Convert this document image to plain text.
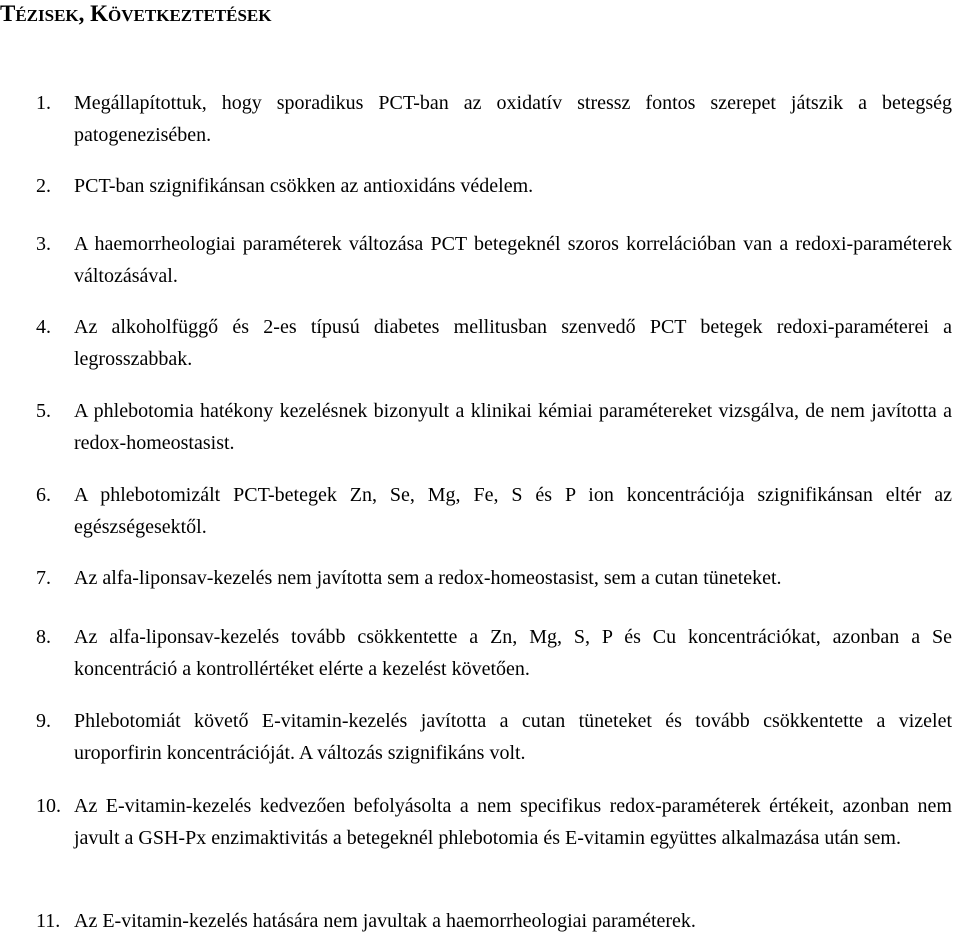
TÉZISEK, KÖVETKEZTETÉSEK
1. Megállapítottuk, hogy sporadikus PCT-ban az oxidatív stressz fontos szerepet játszik a betegség patogenezisében.
2. PCT-ban szignifikánsan csökken az antioxidáns védelem.
3. A haemorrheologiai paraméterek változása PCT betegeknél szoros korrelációban van a redoxi-paraméterek változásával.
4. Az alkoholfüggő és 2-es típusú diabetes mellitusban szenvedő PCT betegek redoxi-paraméterei a legrosszabbak.
5. A phlebotomia hatékony kezelésnek bizonyult a klinikai kémiai paramétereket vizsgálva, de nem javította a redox-homeostasist.
6. A phlebotomizált PCT-betegek Zn, Se, Mg, Fe, S és P ion koncentrációja szignifikánsan eltér az egészségesektől.
7. Az alfa-liponsav-kezelés nem javította sem a redox-homeostasist, sem a cutan tüneteket.
8. Az alfa-liponsav-kezelés tovább csökkentette a Zn, Mg, S, P és Cu koncentrációkat, azonban a Se koncentráció a kontrollértéket elérte a kezelést követően.
9. Phlebotomiát követő E-vitamin-kezelés javította a cutan tüneteket és tovább csökkentette a vizelet uroporfirin koncentrációját. A változás szignifikáns volt.
10. Az E-vitamin-kezelés kedvezően befolyásolta a nem specifikus redox-paraméterek értékeit, azonban nem javult a GSH-Px enzimaktivitás a betegeknél phlebotomia és E-vitamin együttes alkalmazása után sem.
11. Az E-vitamin-kezelés hatására nem javultak a haemorrheologiai paraméterek.
